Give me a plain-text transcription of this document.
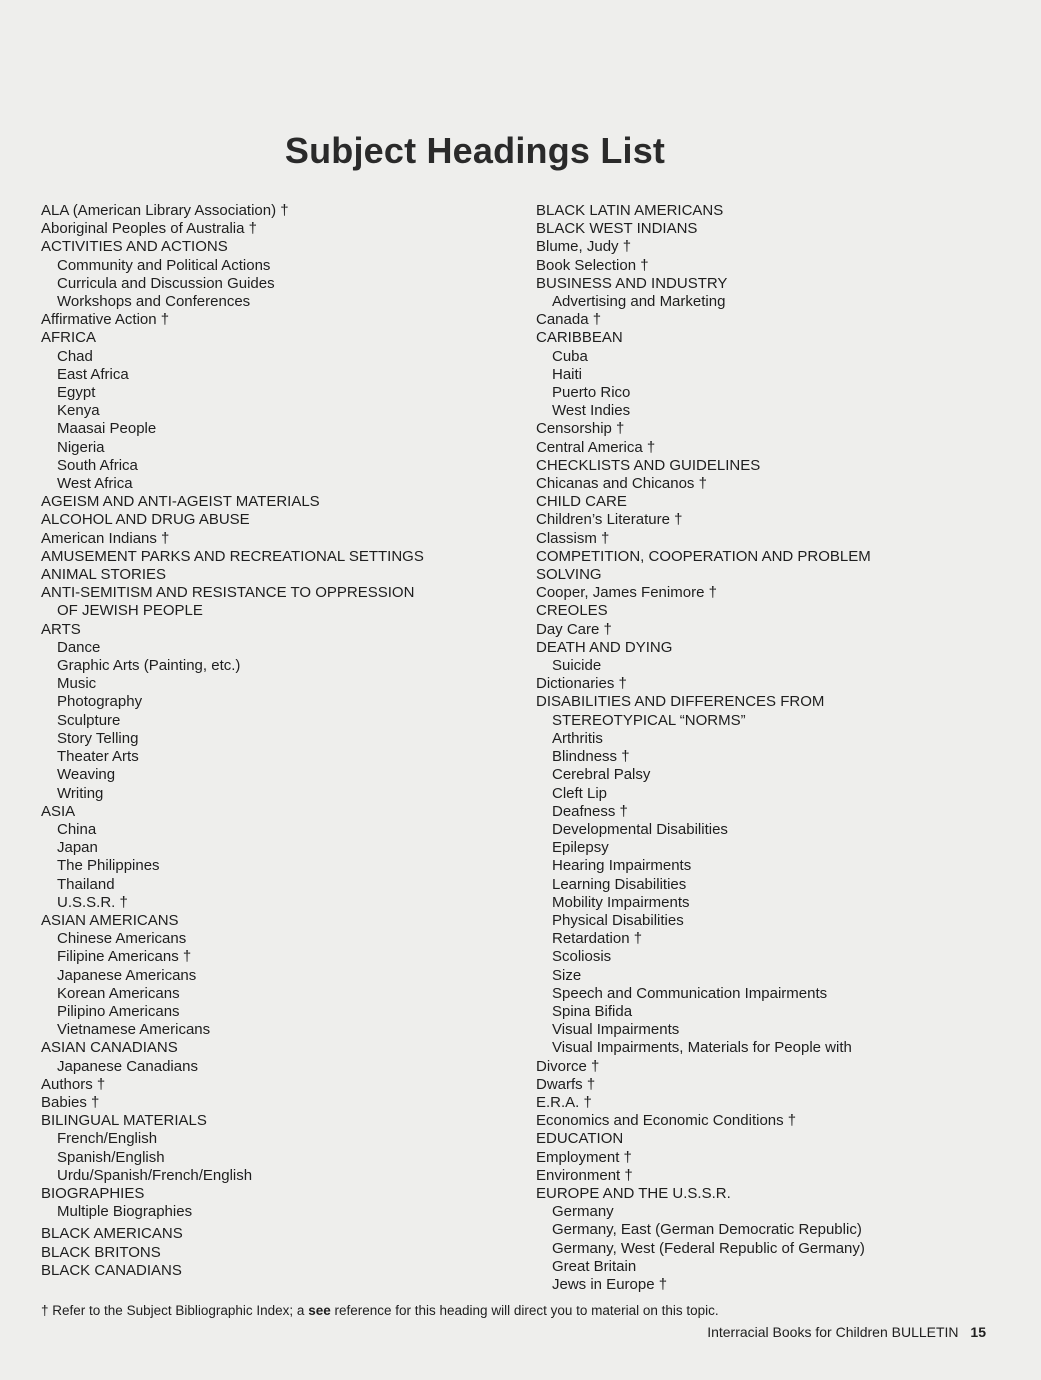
Subject Headings List
ALA (American Library Association) †
Aboriginal Peoples of Australia †
ACTIVITIES AND ACTIONS
Community and Political Actions
Curricula and Discussion Guides
Workshops and Conferences
Affirmative Action †
AFRICA
Chad
East Africa
Egypt
Kenya
Maasai People
Nigeria
South Africa
West Africa
AGEISM AND ANTI-AGEIST MATERIALS
ALCOHOL AND DRUG ABUSE
American Indians †
AMUSEMENT PARKS AND RECREATIONAL SETTINGS
ANIMAL STORIES
ANTI-SEMITISM AND RESISTANCE TO OPPRESSION
OF JEWISH PEOPLE
ARTS
Dance
Graphic Arts (Painting, etc.)
Music
Photography
Sculpture
Story Telling
Theater Arts
Weaving
Writing
ASIA
China
Japan
The Philippines
Thailand
U.S.S.R. †
ASIAN AMERICANS
Chinese Americans
Filipine Americans †
Japanese Americans
Korean Americans
Pilipino Americans
Vietnamese Americans
ASIAN CANADIANS
Japanese Canadians
Authors †
Babies †
BILINGUAL MATERIALS
French/English
Spanish/English
Urdu/Spanish/French/English
BIOGRAPHIES
Multiple Biographies
BLACK AMERICANS
BLACK BRITONS
BLACK CANADIANS
BLACK LATIN AMERICANS
BLACK WEST INDIANS
Blume, Judy †
Book Selection †
BUSINESS AND INDUSTRY
Advertising and Marketing
Canada †
CARIBBEAN
Cuba
Haiti
Puerto Rico
West Indies
Censorship †
Central America †
CHECKLISTS AND GUIDELINES
Chicanas and Chicanos †
CHILD CARE
Children’s Literature †
Classism †
COMPETITION, COOPERATION AND PROBLEM
SOLVING
Cooper, James Fenimore †
CREOLES
Day Care †
DEATH AND DYING
Suicide
Dictionaries †
DISABILITIES AND DIFFERENCES FROM
STEREOTYPICAL “NORMS”
Arthritis
Blindness †
Cerebral Palsy
Cleft Lip
Deafness †
Developmental Disabilities
Epilepsy
Hearing Impairments
Learning Disabilities
Mobility Impairments
Physical Disabilities
Retardation †
Scoliosis
Size
Speech and Communication Impairments
Spina Bifida
Visual Impairments
Visual Impairments, Materials for People with
Divorce †
Dwarfs †
E.R.A. †
Economics and Economic Conditions †
EDUCATION
Employment †
Environment †
EUROPE AND THE U.S.S.R.
Germany
Germany, East (German Democratic Republic)
Germany, West (Federal Republic of Germany)
Great Britain
Jews in Europe †
† Refer to the Subject Bibliographic Index; a see reference for this heading will direct you to material on this topic.
Interracial Books for Children BULLETIN 15
